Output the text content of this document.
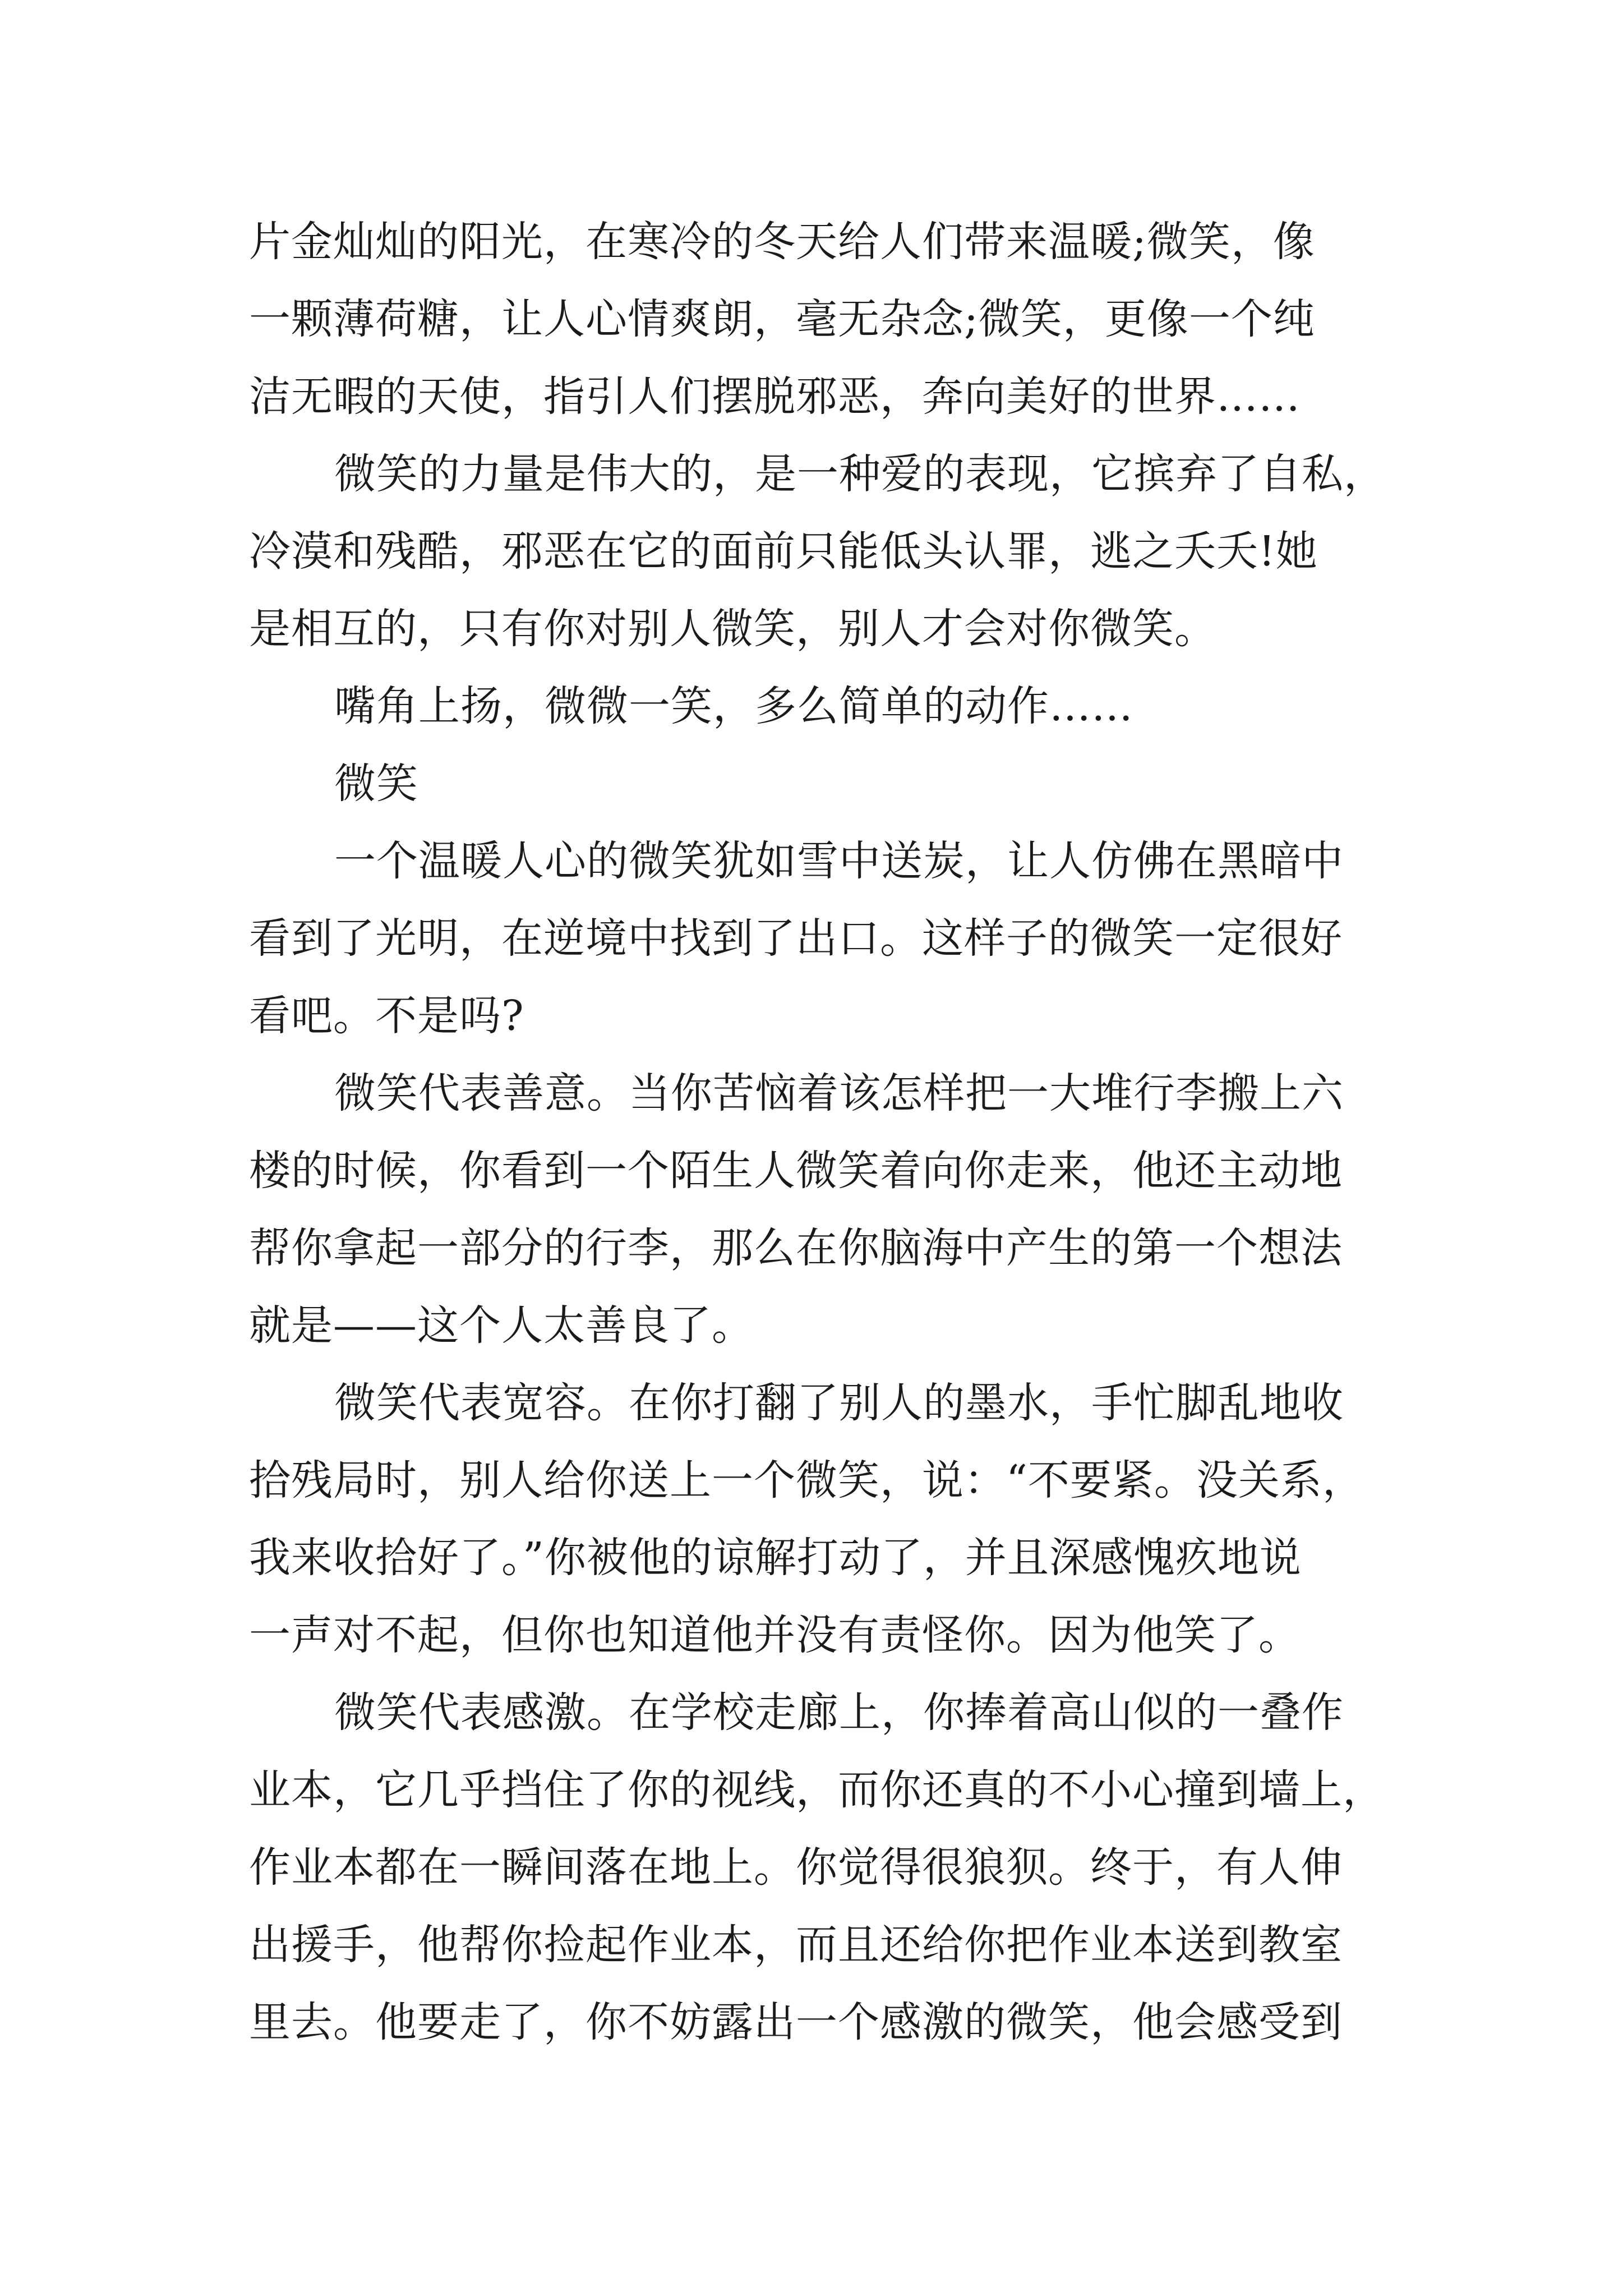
片金灿灿的阳光，在寒冷的冬天给人们带来温暖;微笑，像
一颗薄荷糖，让人心情爽朗，毫无杂念;微笑，更像一个纯
洁无暇的天使，指引人们摆脱邪恶，奔向美好的世界……
微笑的力量是伟大的，是一种爱的表现，它摈弃了自私，
冷漠和残酷，邪恶在它的面前只能低头认罪，逃之夭夭!她
是相互的，只有你对别人微笑，别人才会对你微笑。
嘴角上扬，微微一笑，多么简单的动作……
微笑
一个温暖人心的微笑犹如雪中送炭，让人仿佛在黑暗中
看到了光明，在逆境中找到了出口。这样子的微笑一定很好
看吧。不是吗?
微笑代表善意。当你苦恼着该怎样把一大堆行李搬上六
楼的时候，你看到一个陌生人微笑着向你走来，他还主动地
帮你拿起一部分的行李，那么在你脑海中产生的第一个想法
就是——这个人太善良了。
微笑代表宽容。在你打翻了别人的墨水，手忙脚乱地收
拾残局时，别人给你送上一个微笑，说：“不要紧。没关系，
我来收拾好了。”你被他的谅解打动了，并且深感愧疚地说
一声对不起，但你也知道他并没有责怪你。因为他笑了。
微笑代表感激。在学校走廊上，你捧着高山似的一叠作
业本，它几乎挡住了你的视线，而你还真的不小心撞到墙上，
作业本都在一瞬间落在地上。你觉得很狼狈。终于，有人伸
出援手，他帮你捡起作业本，而且还给你把作业本送到教室
里去。他要走了，你不妨露出一个感激的微笑，他会感受到
